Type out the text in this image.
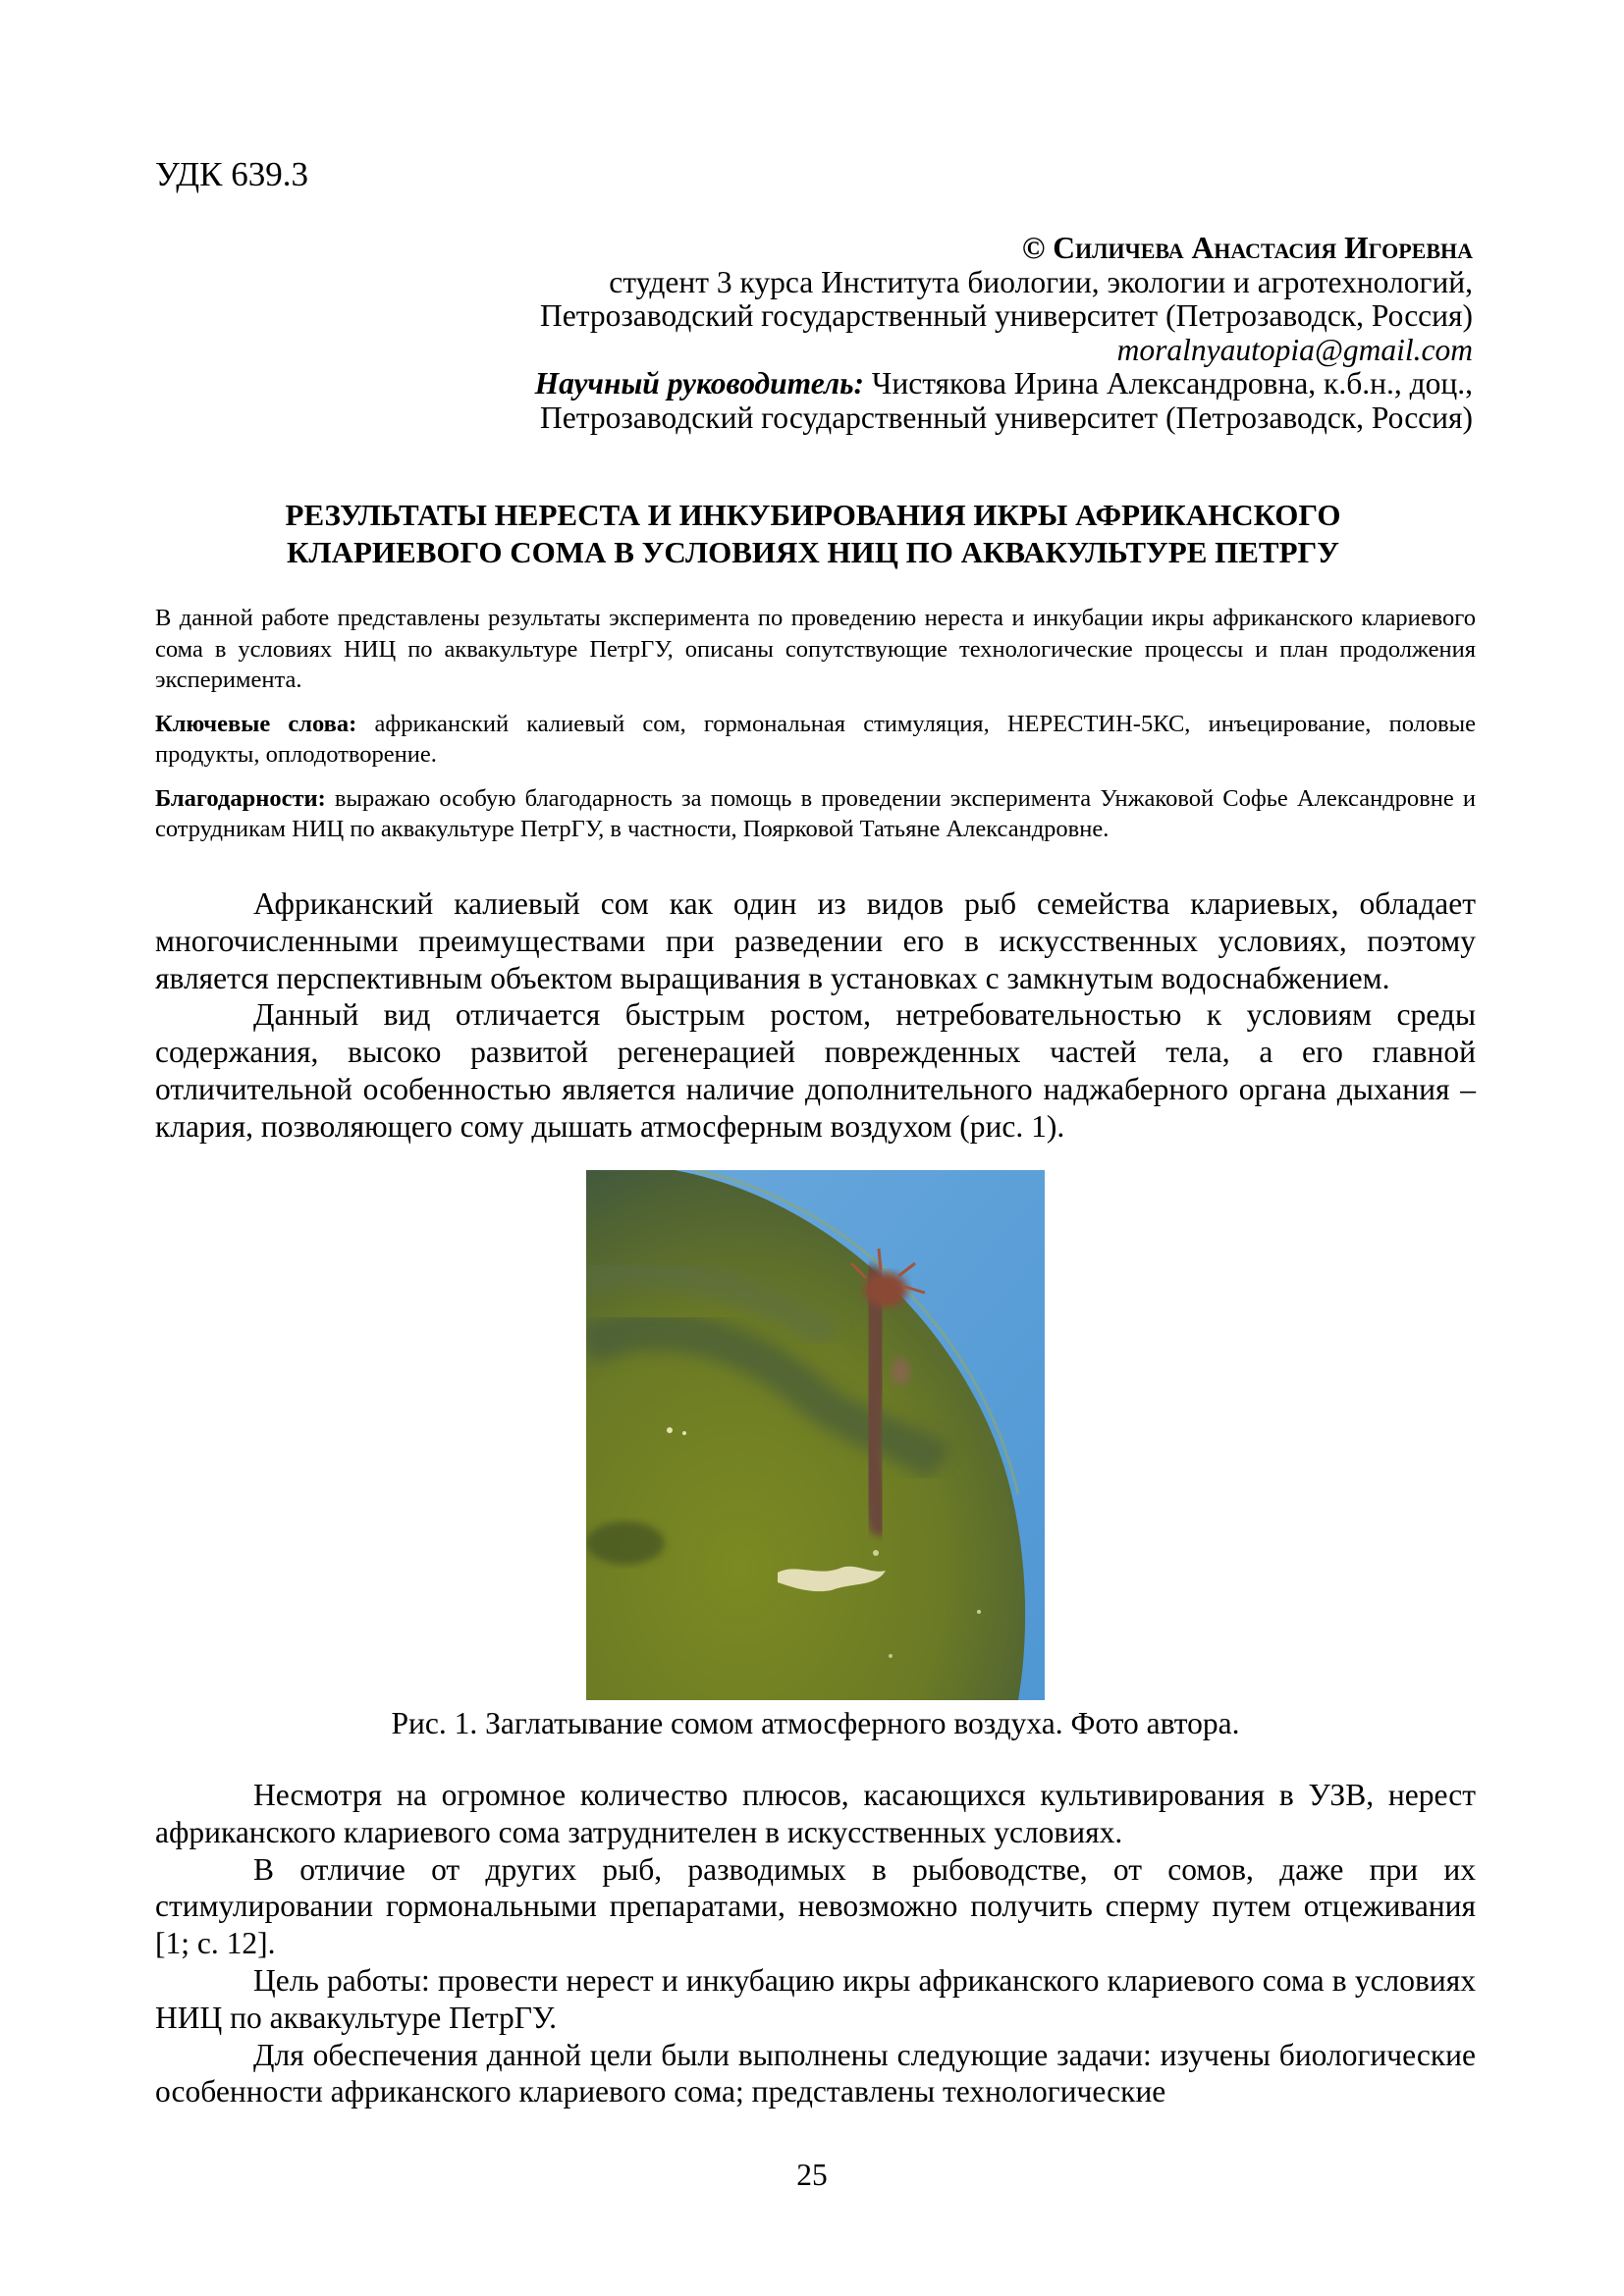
УДК 639.3
© Силичева Анастасия Игоревна
студент 3 курса Института биологии, экологии и агротехнологий,
Петрозаводский государственный университет (Петрозаводск, Россия)
moralnyautopia@gmail.com
Научный руководитель: Чистякова Ирина Александровна, к.б.н., доц.,
Петрозаводский государственный университет (Петрозаводск, Россия)
РЕЗУЛЬТАТЫ НЕРЕСТА И ИНКУБИРОВАНИЯ ИКРЫ АФРИКАНСКОГО
КЛАРИЕВОГО СОМА В УСЛОВИЯХ НИЦ ПО АКВАКУЛЬТУРЕ ПЕТРГУ

В данной работе представлены результаты эксперимента по проведению нереста и инкубации икры африканского клариевого сома в условиях НИЦ по аквакультуре ПетрГУ, описаны сопутствующие технологические процессы и план продолжения эксперимента.

Ключевые слова: африканский калиевый сом, гормональная стимуляция, НЕРЕСТИН-5КС, инъецирование, половые продукты, оплодотворение.

Благодарности: выражаю особую благодарность за помощь в проведении эксперимента Унжаковой Софье Александровне и сотрудникам НИЦ по аквакультуре ПетрГУ, в частности, Поярковой Татьяне Александровне.

Африканский калиевый сом как один из видов рыб семейства клариевых, обладает многочисленными преимуществами при разведении его в искусственных условиях, поэтому является перспективным объектом выращивания в установках с замкнутым водоснабжением.

Данный вид отличается быстрым ростом, нетребовательностью к условиям среды содержания, высоко развитой регенерацией поврежденных частей тела, а его главной отличительной особенностью является наличие дополнительного наджаберного органа дыхания – клария, позволяющего сому дышать атмосферным воздухом (рис. 1).

Рис. 1. Заглатывание сомом атмосферного воздуха. Фото автора.

Несмотря на огромное количество плюсов, касающихся культивирования в УЗВ, нерест африканского клариевого сома затруднителен в искусственных условиях.

В отличие от других рыб, разводимых в рыбоводстве, от сомов, даже при их стимулировании гормональными препаратами, невозможно получить сперму путем отцеживания [1; с. 12].

Цель работы: провести нерест и инкубацию икры африканского клариевого сома в условиях НИЦ по аквакультуре ПетрГУ.

Для обеспечения данной цели были выполнены следующие задачи: изучены биологические особенности африканского клариевого сома; представлены технологические

25
